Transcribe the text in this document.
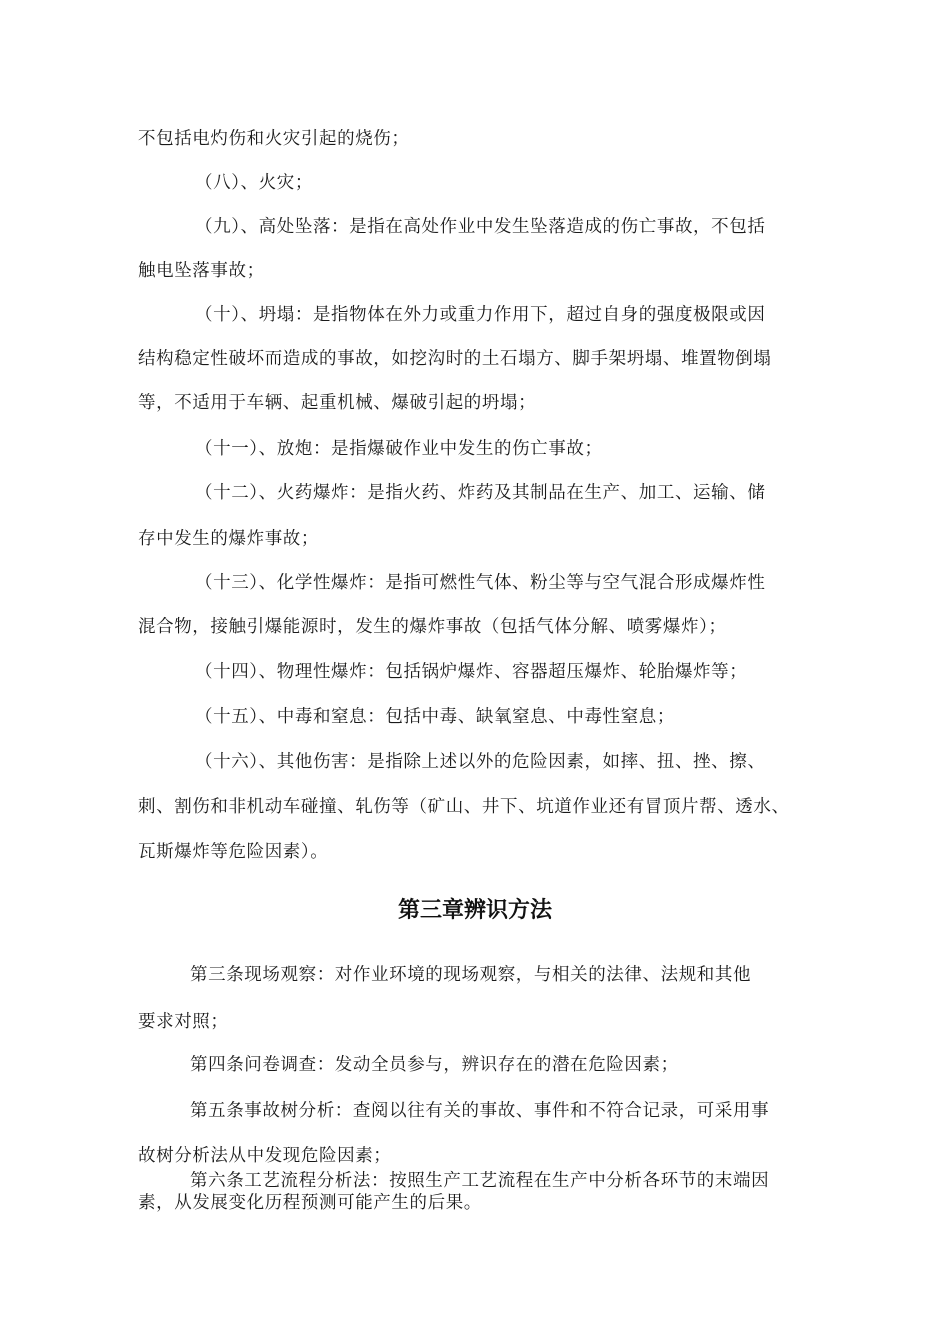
不包括电灼伤和火灾引起的烧伤；
（八）、火灾；
（九）、高处坠落：是指在高处作业中发生坠落造成的伤亡事故，不包括
触电坠落事故；
（十）、坍塌：是指物体在外力或重力作用下，超过自身的强度极限或因
结构稳定性破坏而造成的事故，如挖沟时的土石塌方、脚手架坍塌、堆置物倒塌
等，不适用于车辆、起重机械、爆破引起的坍塌；
（十一）、放炮：是指爆破作业中发生的伤亡事故；
（十二）、火药爆炸：是指火药、炸药及其制品在生产、加工、运输、储
存中发生的爆炸事故；
（十三）、化学性爆炸：是指可燃性气体、粉尘等与空气混合形成爆炸性
混合物，接触引爆能源时，发生的爆炸事故（包括气体分解、喷雾爆炸）；
（十四）、物理性爆炸：包括锅炉爆炸、容器超压爆炸、轮胎爆炸等；
（十五）、中毒和窒息：包括中毒、缺氧窒息、中毒性窒息；
（十六）、其他伤害：是指除上述以外的危险因素，如摔、扭、挫、擦、
刺、割伤和非机动车碰撞、轧伤等（矿山、井下、坑道作业还有冒顶片帮、透水、
瓦斯爆炸等危险因素）。
第三章辨识方法
第三条现场观察：对作业环境的现场观察，与相关的法律、法规和其他
要求对照；
第四条问卷调查：发动全员参与，辨识存在的潜在危险因素；
第五条事故树分析：查阅以往有关的事故、事件和不符合记录，可采用事
故树分析法从中发现危险因素；
第六条工艺流程分析法：按照生产工艺流程在生产中分析各环节的末端因
素，从发展变化历程预测可能产生的后果。
